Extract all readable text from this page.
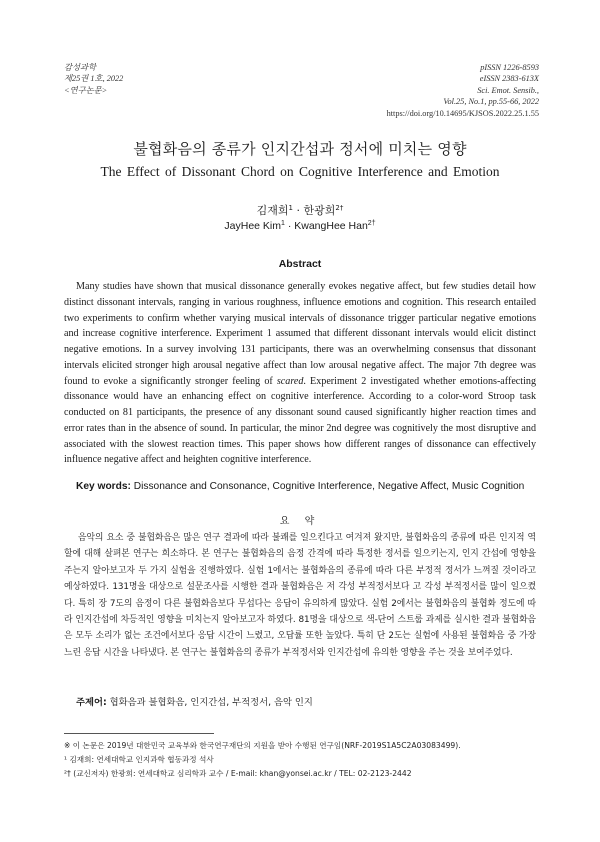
감성과학
제25권 1호, 2022
<연구논문>
pISSN 1226-8593
eISSN 2383-613X
Sci. Emot. Sensib.,
Vol.25, No.1, pp.55-66, 2022
https://doi.org/10.14695/KJSOS.2022.25.1.55
불협화음의 종류가 인지간섭과 정서에 미치는 영향
The Effect of Dissonant Chord on Cognitive Interference and Emotion
김재희$^1$ · 한광희$^{2\dagger}$
JayHee Kim$^1$ · KwangHee Han$^{2\dagger}$
Abstract

Many studies have shown that musical dissonance generally evokes negative affect, but few studies detail how distinct dissonant intervals, ranging in various roughness, influence emotions and cognition. This research entailed two experiments to confirm whether varying musical intervals of dissonance trigger particular negative emotions and increase cognitive interference. Experiment 1 assumed that different dissonant intervals would elicit distinct negative emotions. In a survey involving 131 participants, there was an overwhelming consensus that dissonant intervals elicited stronger high arousal negative affect than low arousal negative affect. The major 7th degree was found to evoke a significantly stronger feeling of scared. Experiment 2 investigated whether emotions-affecting dissonance would have an enhancing effect on cognitive interference. According to a color-word Stroop task conducted on 81 participants, the presence of any dissonant sound caused significantly higher reaction times and error rates than in the absence of sound. In particular, the minor 2nd degree was cognitively the most disruptive and associated with the slowest reaction times. This paper shows how different ranges of dissonance can effectively influence negative affect and heighten cognitive interference.

Key words: Dissonance and Consonance, Cognitive Interference, Negative Affect, Music Cognition

요 약

음악의 요소 중 불협화음은 많은 연구 결과에 따라 불쾌를 일으킨다고 여겨져 왔지만, 불협화음의 종류에 따른 인지적 역할에 대해 살펴본 연구는 희소하다. 본 연구는 불협화음의 음정 간격에 따라 특정한 정서를 일으키는지, 인지 간섭에 영향을 주는지 알아보고자 두 가지 실험을 진행하였다. 실험 1에서는 불협화음의 종류에 따라 다른 부정적 정서가 느껴질 것이라고 예상하였다. 131명을 대상으로 설문조사를 시행한 결과 불협화음은 저 각성 부적정서보다 고 각성 부적정서를 많이 일으켰다. 특히 장 7도의 음정이 다른 불협화음보다 무섭다는 응답이 유의하게 많았다. 실험 2에서는 불협화음의 불협화 정도에 따라 인지간섭에 차등적인 영향을 미치는지 알아보고자 하였다. 81명을 대상으로 색-단어 스트룹 과제를 실시한 결과 불협화음은 모두 소리가 없는 조건에서보다 응답 시간이 느렸고, 오답률 또한 높았다. 특히 단 2도는 실험에 사용된 불협화음 중 가장 느린 응답 시간을 나타냈다. 본 연구는 불협화음의 종류가 부적정서와 인지간섭에 유의한 영향을 주는 것을 보여주었다.

주제어: 협화음과 불협화음, 인지간섭, 부적정서, 음악 인지

※ 이 논문은 2019년 대한민국 교육부와 한국연구재단의 지원을 받아 수행된 연구임(NRF-2019S1A5C2A03083499).
¹ 김재희: 연세대학교 인지과학 협동과정 석사
²† (교신저자) 한광희: 연세대학교 심리학과 교수 / E-mail: khan@yonsei.ac.kr / TEL: 02-2123-2442
